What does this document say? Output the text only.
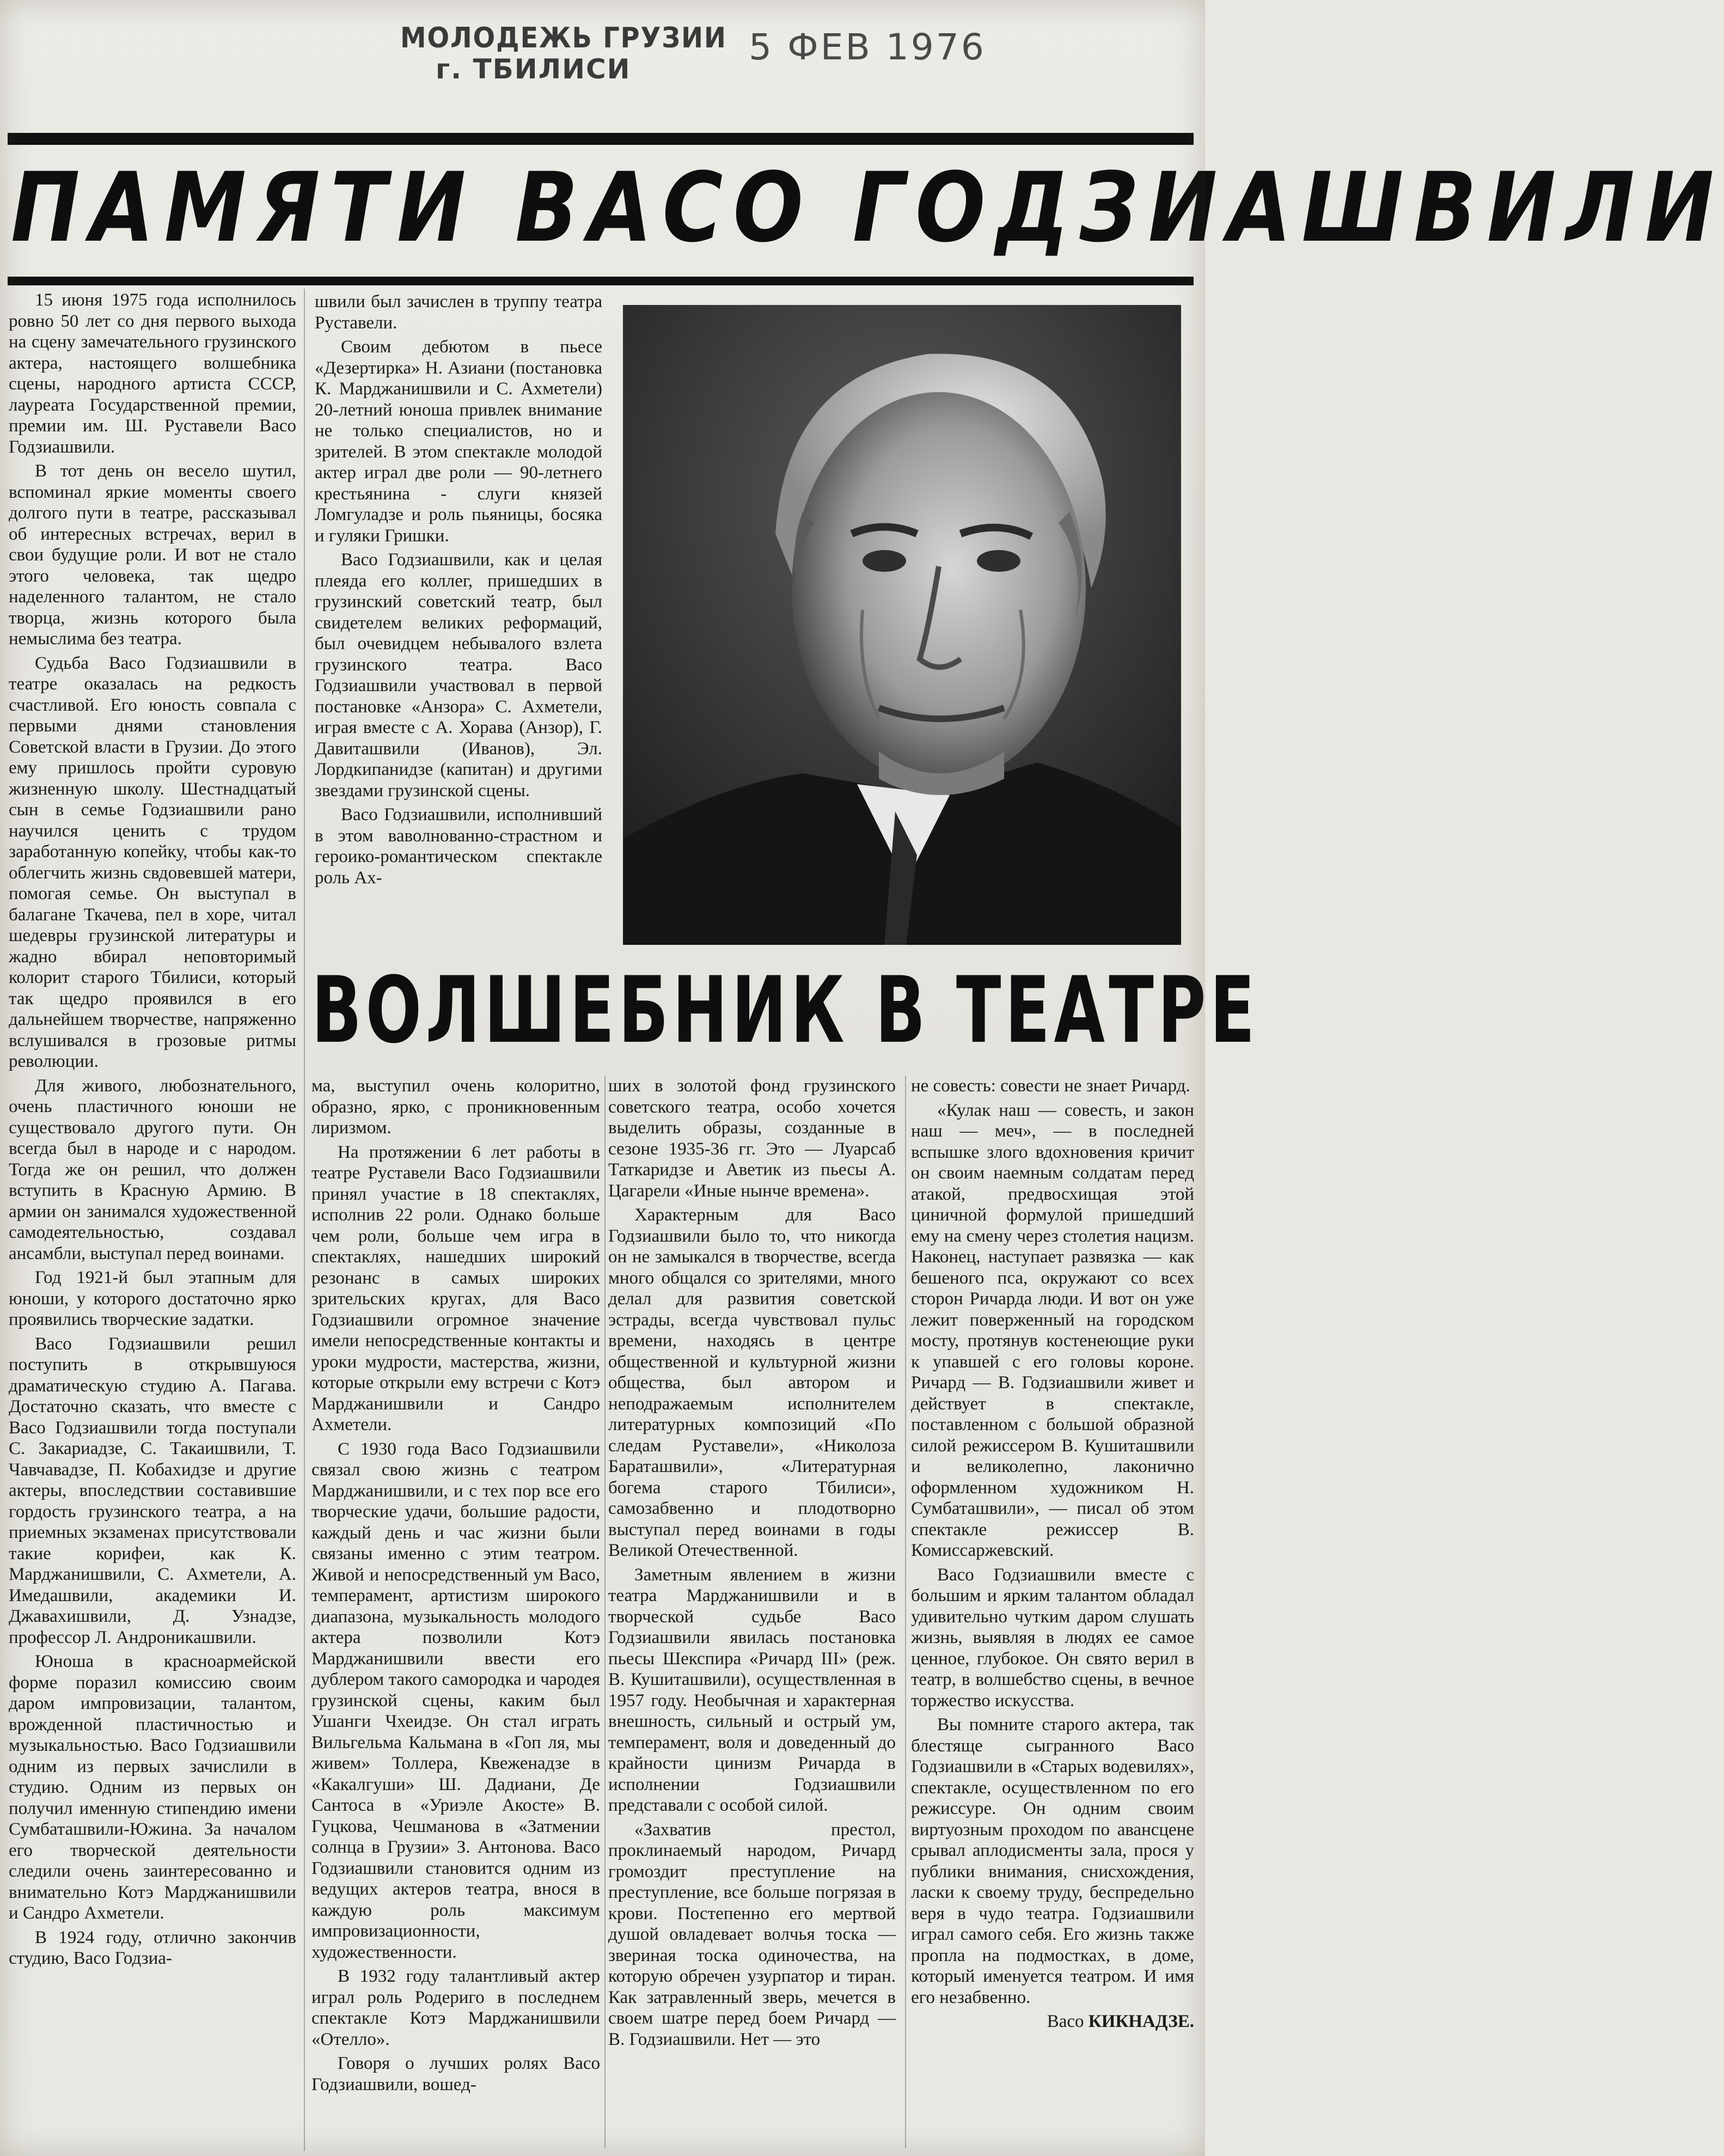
МОЛОДЕЖЬ ГРУЗИИ
г. ТБИЛИСИ
5 ФЕВ 1976
ПАМЯТИ ВАСО ГОДЗИАШВИЛИ
ВОЛШЕБНИК В ТЕАТРЕ

15 июня 1975 года исполнилось ровно 50 лет со дня первого выхода на сцену замечательного грузинского актера, настоящего волшебника сцены, народного артиста СССР, лауреата Государственной премии, премии им. Ш. Руставели Васо Годзиашвили.

В тот день он весело шутил, вспоминал яркие моменты своего долгого пути в театре, рассказывал об интересных встречах, верил в свои будущие роли. И вот не стало этого человека, так щедро наделенного талантом, не стало творца, жизнь которого была немыслима без театра.

Судьба Васо Годзиашвили в театре оказалась на редкость счастливой. Его юность совпала с первыми днями становления Советской власти в Грузии. До этого ему пришлось пройти суровую жизненную школу. Шестнадцатый сын в семье Годзиашвили рано научился ценить с трудом заработанную копейку, чтобы как-то облегчить жизнь свдовевшей матери, помогая семье. Он выступал в балагане Ткачева, пел в хоре, читал шедевры грузинской литературы и жадно вбирал неповторимый колорит старого Тбилиси, который так щедро проявился в его дальнейшем творчестве, напряженно вслушивался в грозовые ритмы революции.

Для живого, любознательного, очень пластичного юноши не существовало другого пути. Он всегда был в народе и с народом. Тогда же он решил, что должен вступить в Красную Армию. В армии он занимался художественной самодеятельностью, создавал ансамбли, выступал перед воинами.

Год 1921-й был этапным для юноши, у которого достаточно ярко проявились творческие задатки.

Васо Годзиашвили решил поступить в открывшуюся драматическую студию А. Пагава. Достаточно сказать, что вместе с Васо Годзиашвили тогда поступали С. Закариадзе, С. Такаишвили, Т. Чавчавадзе, П. Кобахидзе и другие актеры, впоследствии составившие гордость грузинского театра, а на приемных экзаменах присутствовали такие корифеи, как К. Марджанишвили, С. Ахметели, А. Имедашвили, академики И. Джавахишвили, Д. Узнадзе, профессор Л. Андроникашвили.

Юноша в красноармейской форме поразил комиссию своим даром импровизации, талантом, врожденной пластичностью и музыкальностью. Васо Годзиашвили одним из первых зачислили в студию. Одним из первых он получил именную стипендию имени Сумбаташвили-Южина. За началом его творческой деятельности следили очень заинтересованно и внимательно Котэ Марджанишвили и Сандро Ахметели.

В 1924 году, отлично закончив студию, Васо Годзиа-

швили был зачислен в труппу театра Руставели.

Своим дебютом в пьесе «Дезертирка» Н. Азиани (постановка К. Марджанишвили и С. Ахметели) 20-летний юноша привлек внимание не только специалистов, но и зрителей. В этом спектакле молодой актер играл две роли — 90-летнего крестьянина - слуги князей Ломгуладзе и роль пьяницы, босяка и гуляки Гришки.

Васо Годзиашвили, как и целая плеяда его коллег, пришедших в грузинский советский театр, был свидетелем великих реформаций, был очевидцем небывалого взлета грузинского театра. Васо Годзиашвили участвовал в первой постановке «Анзора» С. Ахметели, играя вместе с А. Хорава (Анзор), Г. Давиташвили (Иванов), Эл. Лордкипанидзе (капитан) и другими звездами грузинской сцены.

Васо Годзиашвили, исполнивший в этом ваволнованно-страстном и героико-романтическом спектакле роль Ах-

ма, выступил очень колоритно, образно, ярко, с проникновенным лиризмом.

На протяжении 6 лет работы в театре Руставели Васо Годзиашвили принял участие в 18 спектаклях, исполнив 22 роли. Однако больше чем роли, больше чем игра в спектаклях, нашедших широкий резонанс в самых широких зрительских кругах, для Васо Годзиашвили огромное значение имели непосредственные контакты и уроки мудрости, мастерства, жизни, которые открыли ему встречи с Котэ Марджанишвили и Сандро Ахметели.

С 1930 года Васо Годзиашвили связал свою жизнь с театром Марджанишвили, и с тех пор все его творческие удачи, большие радости, каждый день и час жизни были связаны именно с этим театром. Живой и непосредственный ум Васо, темперамент, артистизм широкого диапазона, музыкальность молодого актера позволили Котэ Марджанишвили ввести его дублером такого самородка и чародея грузинской сцены, каким был Ушанги Чхеидзе. Он стал играть Вильгельма Кальмана в «Гоп ля, мы живем» Толлера, Квеженадзе в «Какалгуши» Ш. Дадиани, Де Сантоса в «Уриэле Акосте» В. Гуцкова, Чешманова в «Затмении солнца в Грузии» З. Антонова. Васо Годзиашвили становится одним из ведущих актеров театра, внося в каждую роль максимум импровизационности, художественности.

В 1932 году талантливый актер играл роль Родериго в последнем спектакле Котэ Марджанишвили «Отелло».

Говоря о лучших ролях Васо Годзиашвили, вошед-

ших в золотой фонд грузинского советского театра, особо хочется выделить образы, созданные в сезоне 1935-36 гг. Это — Луарсаб Таткаридзе и Аветик из пьесы А. Цагарели «Иные нынче времена».

Характерным для Васо Годзиашвили было то, что никогда он не замыкался в творчестве, всегда много общался со зрителями, много делал для развития советской эстрады, всегда чувствовал пульс времени, находясь в центре общественной и культурной жизни общества, был автором и неподражаемым исполнителем литературных композиций «По следам Руставели», «Николоза Бараташвили», «Литературная богема старого Тбилиси», самозабвенно и плодотворно выступал перед воинами в годы Великой Отечественной.

Заметным явлением в жизни театра Марджанишвили и в творческой судьбе Васо Годзиашвили явилась постановка пьесы Шекспира «Ричард III» (реж. В. Кушиташвили), осуществленная в 1957 году. Необычная и характерная внешность, сильный и острый ум, темперамент, воля и доведенный до крайности цинизм Ричарда в исполнении Годзиашвили представали с особой силой.

«Захватив престол, проклинаемый народом, Ричард громоздит преступление на преступление, все больше погрязая в крови. Постепенно его мертвой душой овладевает волчья тоска — звериная тоска одиночества, на которую обречен узурпатор и тиран. Как затравленный зверь, мечется в своем шатре перед боем Ричард — В. Годзиашвили. Нет — это

не совесть: совести не знает Ричард.

«Кулак наш — совесть, и закон наш — меч», — в последней вспышке злого вдохновения кричит он своим наемным солдатам перед атакой, предвосхищая этой циничной формулой пришедший ему на смену через столетия нацизм. Наконец, наступает развязка — как бешеного пса, окружают со всех сторон Ричарда люди. И вот он уже лежит поверженный на городском мосту, протянув костенеющие руки к упавшей с его головы короне. Ричард — В. Годзиашвили живет и действует в спектакле, поставленном с большой образной силой режиссером В. Кушиташвили и великолепно, лаконично оформленном художником Н. Сумбаташвили», — писал об этом спектакле режиссер В. Комиссаржевский.

Васо Годзиашвили вместе с большим и ярким талантом обладал удивительно чутким даром слушать жизнь, выявляя в людях ее самое ценное, глубокое. Он свято верил в театр, в волшебство сцены, в вечное торжество искусства.

Вы помните старого актера, так блестяще сыгранного Васо Годзиашвили в «Старых водевилях», спектакле, осуществленном по его режиссуре. Он одним своим виртуозным проходом по авансцене срывал аплодисменты зала, прося у публики внимания, снисхождения, ласки к своему труду, беспредельно веря в чудо театра. Годзиашвили играл самого себя. Его жизнь также пропла на подмостках, в доме, который именуется театром. И имя его незабвенно.

Васо КИКНАДЗЕ.
